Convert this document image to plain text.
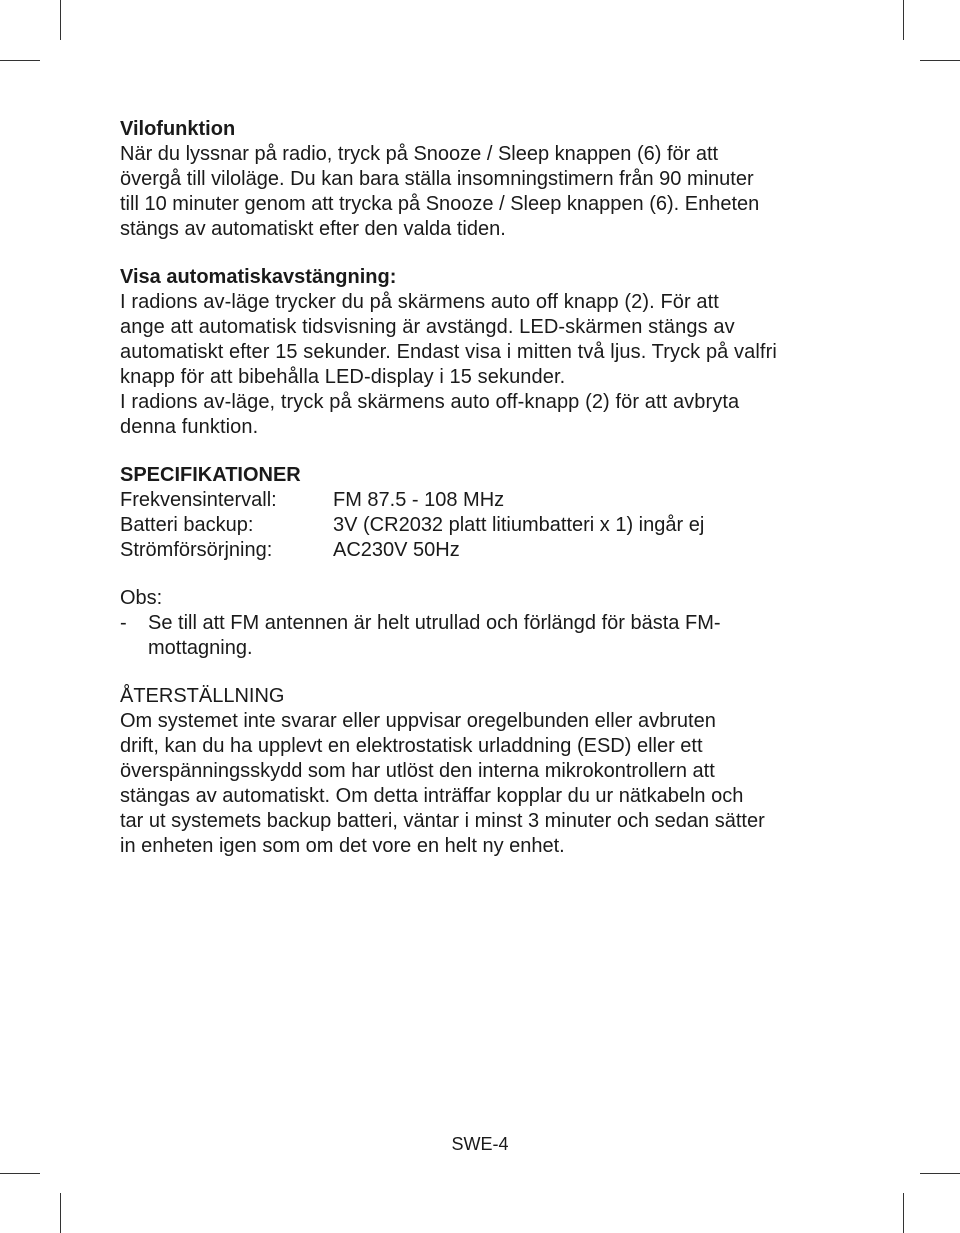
Vilofunktion

När du lyssnar på radio, tryck på Snooze / Sleep knappen (6) för att
övergå till viloläge. Du kan bara ställa insomningstimern från 90 minuter
till 10 minuter genom att trycka på Snooze / Sleep knappen (6). Enheten
stängs av automatiskt efter den valda tiden.

Visa automatiskavstängning:

I radions av-läge trycker du på skärmens auto off knapp (2). För att
ange att automatisk tidsvisning är avstängd. LED-skärmen stängs av
automatiskt efter 15 sekunder. Endast visa i mitten två ljus. Tryck på valfri
knapp för att bibehålla LED-display i 15 sekunder.
I radions av-läge, tryck på skärmens auto off-knapp (2) för att avbryta
denna funktion.

SPECIFIKATIONER
Frekvensintervall:	FM 87.5 - 108 MHz
Batteri backup:	3V (CR2032 platt litiumbatteri x 1) ingår ej
Strömförsörjning:	AC230V 50Hz

Obs:

-	Se till att FM antennen är helt utrullad och förlängd för bästa FM-
mottagning.

ÅTERSTÄLLNING

Om systemet inte svarar eller uppvisar oregelbunden eller avbruten
drift, kan du ha upplevt en elektrostatisk urladdning (ESD) eller ett
överspänningsskydd som har utlöst den interna mikrokontrollern att
stängas av automatiskt. Om detta inträffar kopplar du ur nätkabeln och
tar ut systemets backup batteri, väntar i minst 3 minuter och sedan sätter
in enheten igen som om det vore en helt ny enhet.

SWE-4
